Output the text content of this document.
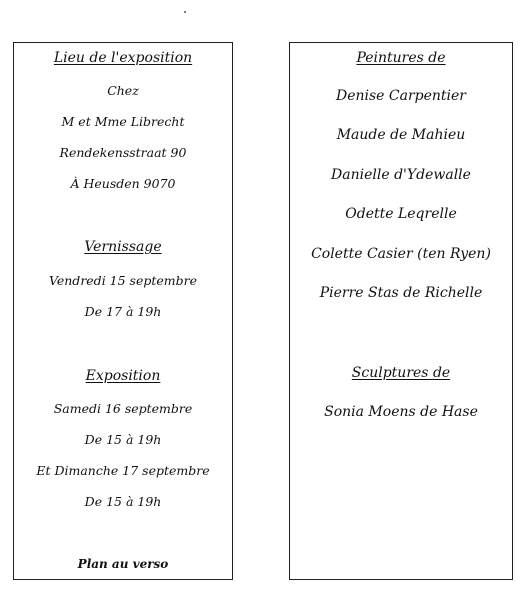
Lieu de l'exposition
Chez
M et Mme Librecht
Rendekensstraat 90
À Heusden 9070
Vernissage
Vendredi 15 septembre
De 17 à 19h
Exposition
Samedi 16 septembre
De 15 à 19h
Et Dimanche 17 septembre
De 15 à 19h
Plan au verso
Peintures de
Denise Carpentier
Maude de Mahieu
Danielle d'Ydewalle
Odette Leqrelle
Colette Casier (ten Ryen)
Pierre Stas de Richelle
Sculptures de
Sonia Moens de Hase
